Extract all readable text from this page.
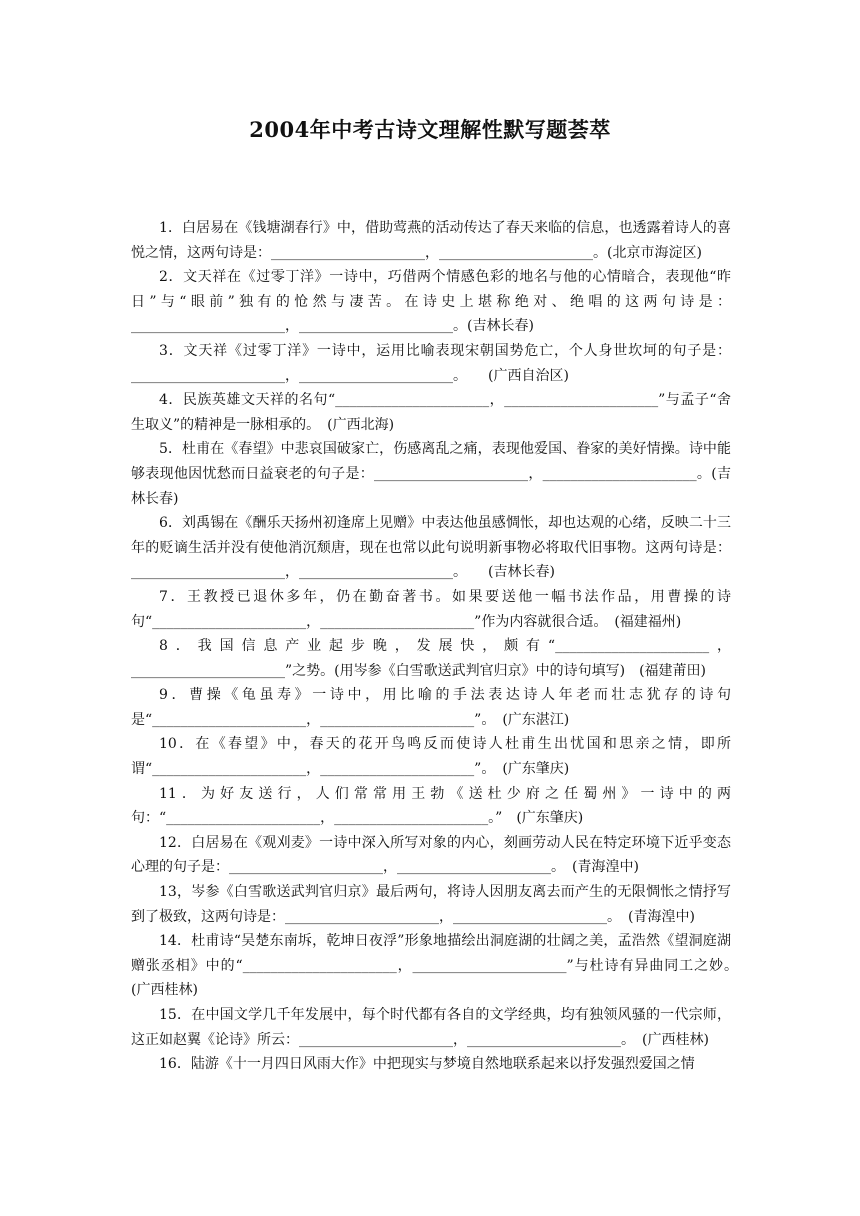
2004年中考古诗文理解性默写题荟萃

1．白居易在《钱塘湖春行》中，借助莺燕的活动传达了春天来临的信息，也透露着诗人的喜悦之情，这两句诗是：______________________，______________________。(北京市海淀区)

2．文天祥在《过零丁洋》一诗中，巧借两个情感色彩的地名与他的心情暗合，表现他“昨日”与“眼前”独有的怆然与凄苦。在诗史上堪称绝对、绝唱的这两句诗是：______________________，______________________。(吉林长春)

3．文天祥《过零丁洋》一诗中，运用比喻表现宋朝国势危亡，个人身世坎坷的句子是：______________________，______________________。　　(广西自治区)

4．民族英雄文天祥的名句“______________________，______________________”与孟子“舍生取义”的精神是一脉相承的。　(广西北海)

5．杜甫在《春望》中悲哀国破家亡，伤感离乱之痛，表现他爱国、眷家的美好情操。诗中能够表现他因忧愁而日益衰老的句子是：______________________，______________________。(吉林长春)

6．刘禹锡在《酬乐天扬州初逢席上见赠》中表达他虽感惆怅，却也达观的心绪，反映二十三年的贬谪生活并没有使他消沉颓唐，现在也常以此句说明新事物必将取代旧事物。这两句诗是：______________________，______________________。　　(吉林长春)

7．王教授已退休多年，仍在勤奋著书。如果要送他一幅书法作品，用曹操的诗句“______________________，______________________”作为内容就很合适。　(福建福州)

8．我国信息产业起步晚，发展快，颇有“______________________，______________________”之势。(用岑参《白雪歌送武判官归京》中的诗句填写)　(福建莆田)

9．曹操《龟虽寿》一诗中，用比喻的手法表达诗人年老而壮志犹存的诗句是“______________________，______________________”。　(广东湛江)

10．在《春望》中，春天的花开鸟鸣反而使诗人杜甫生出忧国和思亲之情，即所谓“______________________，______________________”。　(广东肇庆)

11．为好友送行，人们常常用王勃《送杜少府之任蜀州》一诗中的两句：“______________________，______________________。”　(广东肇庆)

12．白居易在《观刈麦》一诗中深入所写对象的内心，刻画劳动人民在特定环境下近乎变态心理的句子是：______________________，______________________。　(青海湟中)

13，岑参《白雪歌送武判官归京》最后两句，将诗人因朋友离去而产生的无限惆怅之情抒写到了极致，这两句诗是：______________________，______________________。　(青海湟中)

14．杜甫诗“吴楚东南坼，乾坤日夜浮”形象地描绘出洞庭湖的壮阔之美，孟浩然《望洞庭湖赠张丞相》中的“______________________，______________________”与杜诗有异曲同工之妙。　(广西桂林)

15．在中国文学几千年发展中，每个时代都有各自的文学经典，均有独领风骚的一代宗师，这正如赵翼《论诗》所云：______________________，______________________。　(广西桂林)

16．陆游《十一月四日风雨大作》中把现实与梦境自然地联系起来以抒发强烈爱国之情
